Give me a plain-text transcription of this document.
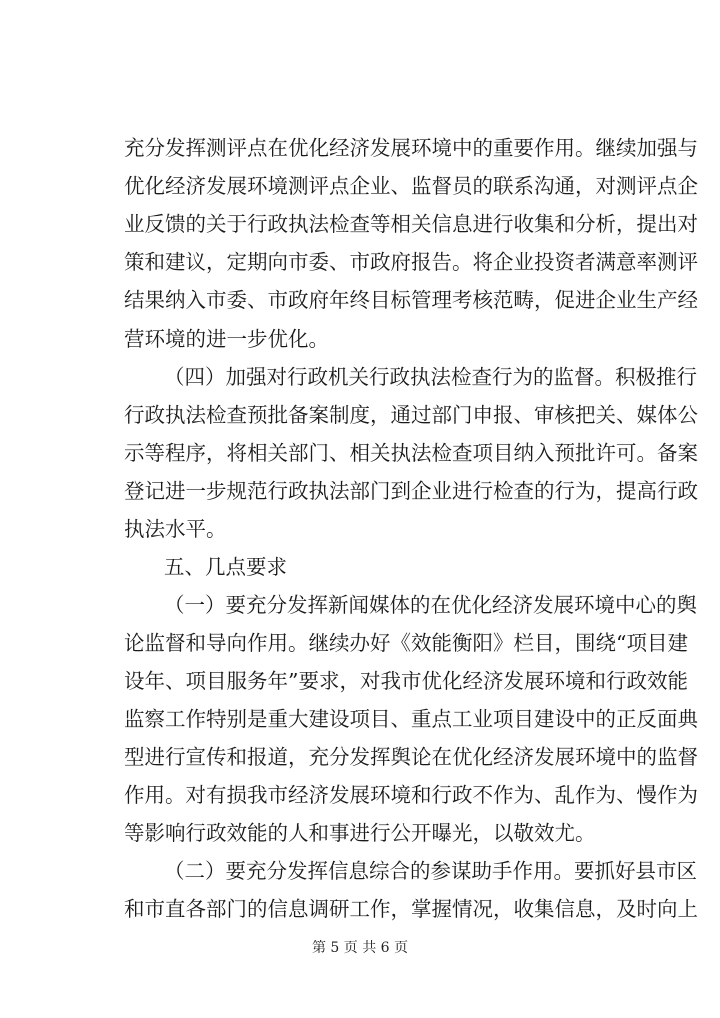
充分发挥测评点在优化经济发展环境中的重要作用。继续加强与
优化经济发展环境测评点企业、监督员的联系沟通，对测评点企
业反馈的关于行政执法检查等相关信息进行收集和分析，提出对
策和建议，定期向市委、市政府报告。将企业投资者满意率测评
结果纳入市委、市政府年终目标管理考核范畴，促进企业生产经
营环境的进一步优化。
（四）加强对行政机关行政执法检查行为的监督。积极推行
行政执法检查预批备案制度，通过部门申报、审核把关、媒体公
示等程序，将相关部门、相关执法检查项目纳入预批许可。备案
登记进一步规范行政执法部门到企业进行检查的行为，提高行政
执法水平。
五、几点要求
（一）要充分发挥新闻媒体的在优化经济发展环境中心的舆
论监督和导向作用。继续办好《效能衡阳》栏目，围绕“项目建
设年、项目服务年”要求，对我市优化经济发展环境和行政效能
监察工作特别是重大建设项目、重点工业项目建设中的正反面典
型进行宣传和报道，充分发挥舆论在优化经济发展环境中的监督
作用。对有损我市经济发展环境和行政不作为、乱作为、慢作为
等影响行政效能的人和事进行公开曝光，以敬效尤。
（二）要充分发挥信息综合的参谋助手作用。要抓好县市区
和市直各部门的信息调研工作，掌握情况，收集信息，及时向上
第 5 页 共 6 页
